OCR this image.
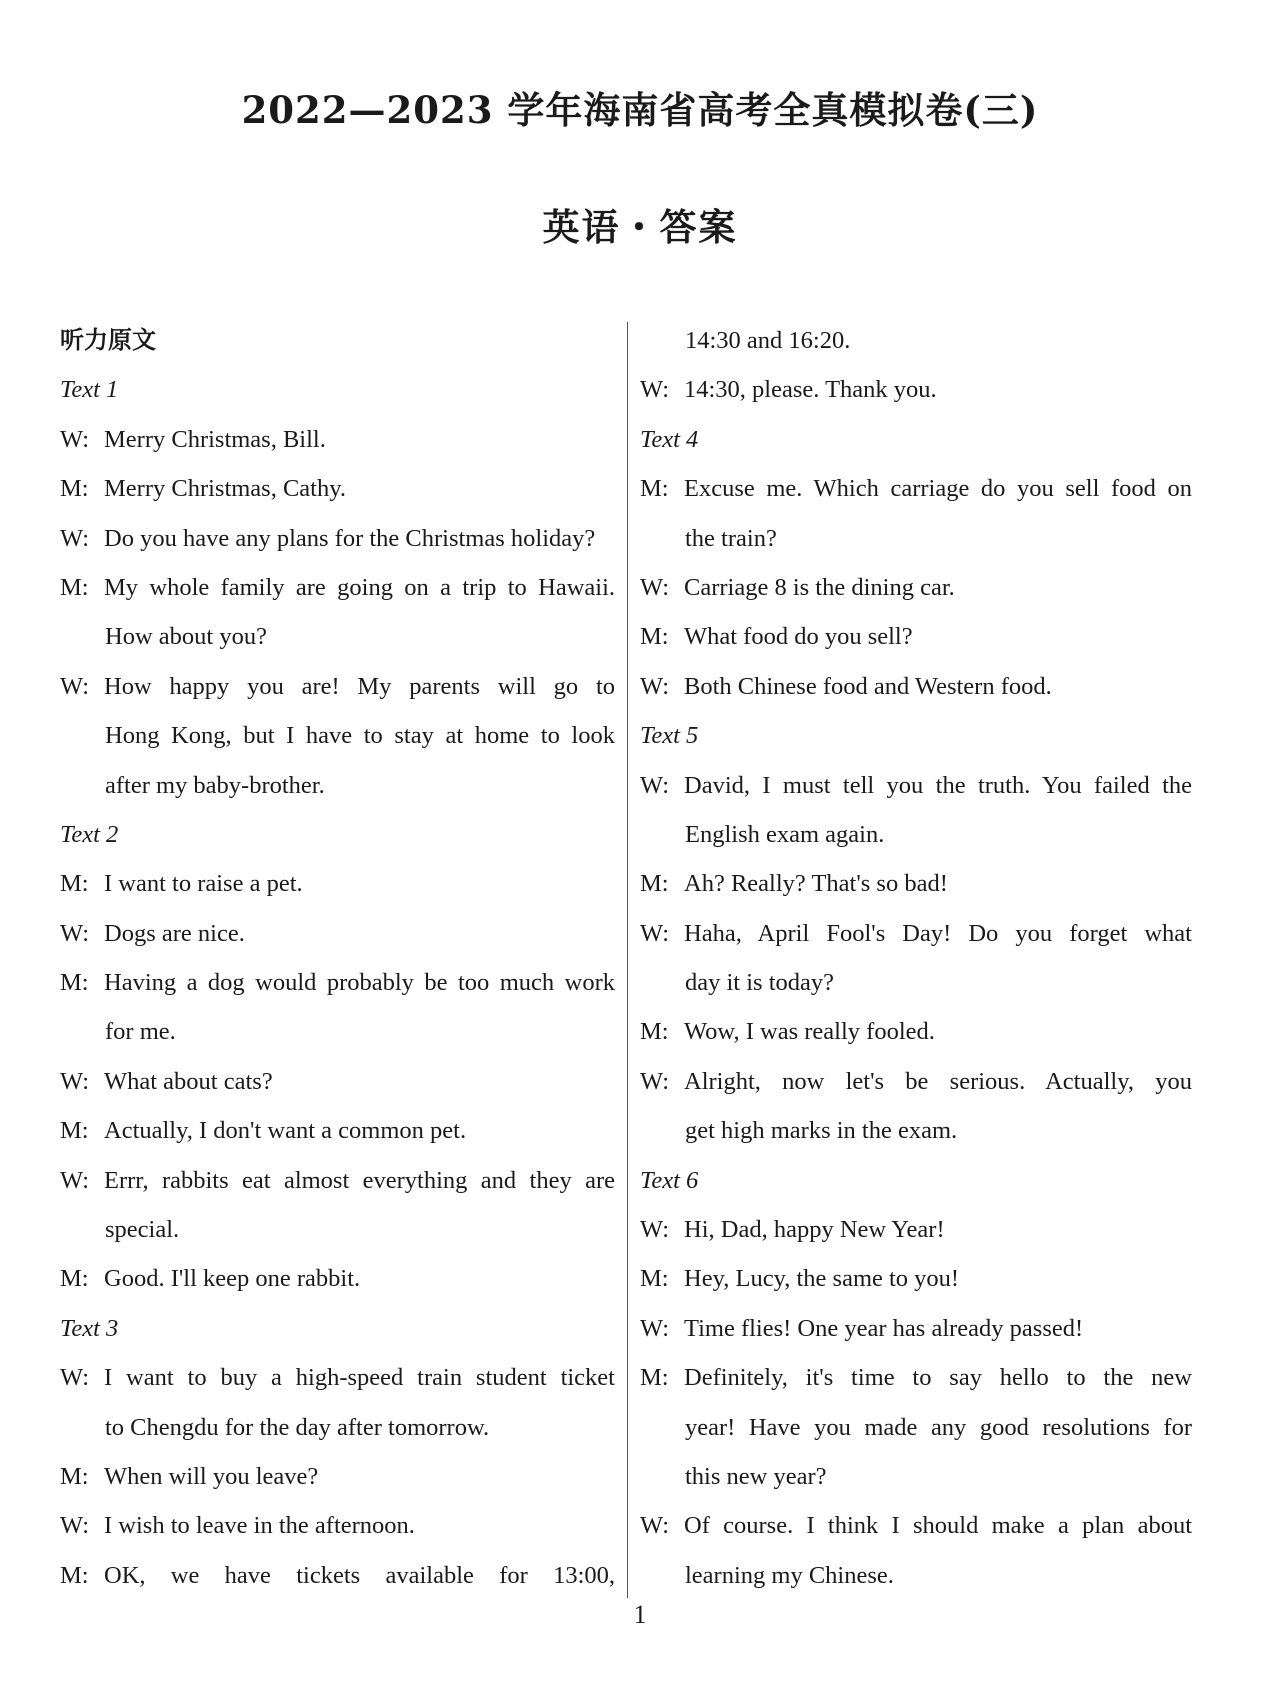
2022—2023 学年海南省高考全真模拟卷(三)
英语・答案
听力原文
Text 1
W: Merry Christmas, Bill.
M: Merry Christmas, Cathy.
W: Do you have any plans for the Christmas holiday?
M: My whole family are going on a trip to Hawaii.
How about you?
W: How happy you are! My parents will go to
Hong Kong, but I have to stay at home to look
after my baby-brother.
Text 2
M: I want to raise a pet.
W: Dogs are nice.
M: Having a dog would probably be too much work
for me.
W: What about cats?
M: Actually, I don't want a common pet.
W: Errr, rabbits eat almost everything and they are
special.
M: Good. I'll keep one rabbit.
Text 3
W: I want to buy a high-speed train student ticket
to Chengdu for the day after tomorrow.
M: When will you leave?
W: I wish to leave in the afternoon.
M: OK, we have tickets available for 13:00,
14:30 and 16:20.
W: 14:30, please. Thank you.
Text 4
M: Excuse me. Which carriage do you sell food on
the train?
W: Carriage 8 is the dining car.
M: What food do you sell?
W: Both Chinese food and Western food.
Text 5
W: David, I must tell you the truth. You failed the
English exam again.
M: Ah? Really? That's so bad!
W: Haha, April Fool's Day! Do you forget what
day it is today?
M: Wow, I was really fooled.
W: Alright, now let's be serious. Actually, you
get high marks in the exam.
Text 6
W: Hi, Dad, happy New Year!
M: Hey, Lucy, the same to you!
W: Time flies! One year has already passed!
M: Definitely, it's time to say hello to the new
year! Have you made any good resolutions for
this new year?
W: Of course. I think I should make a plan about
learning my Chinese.
1
